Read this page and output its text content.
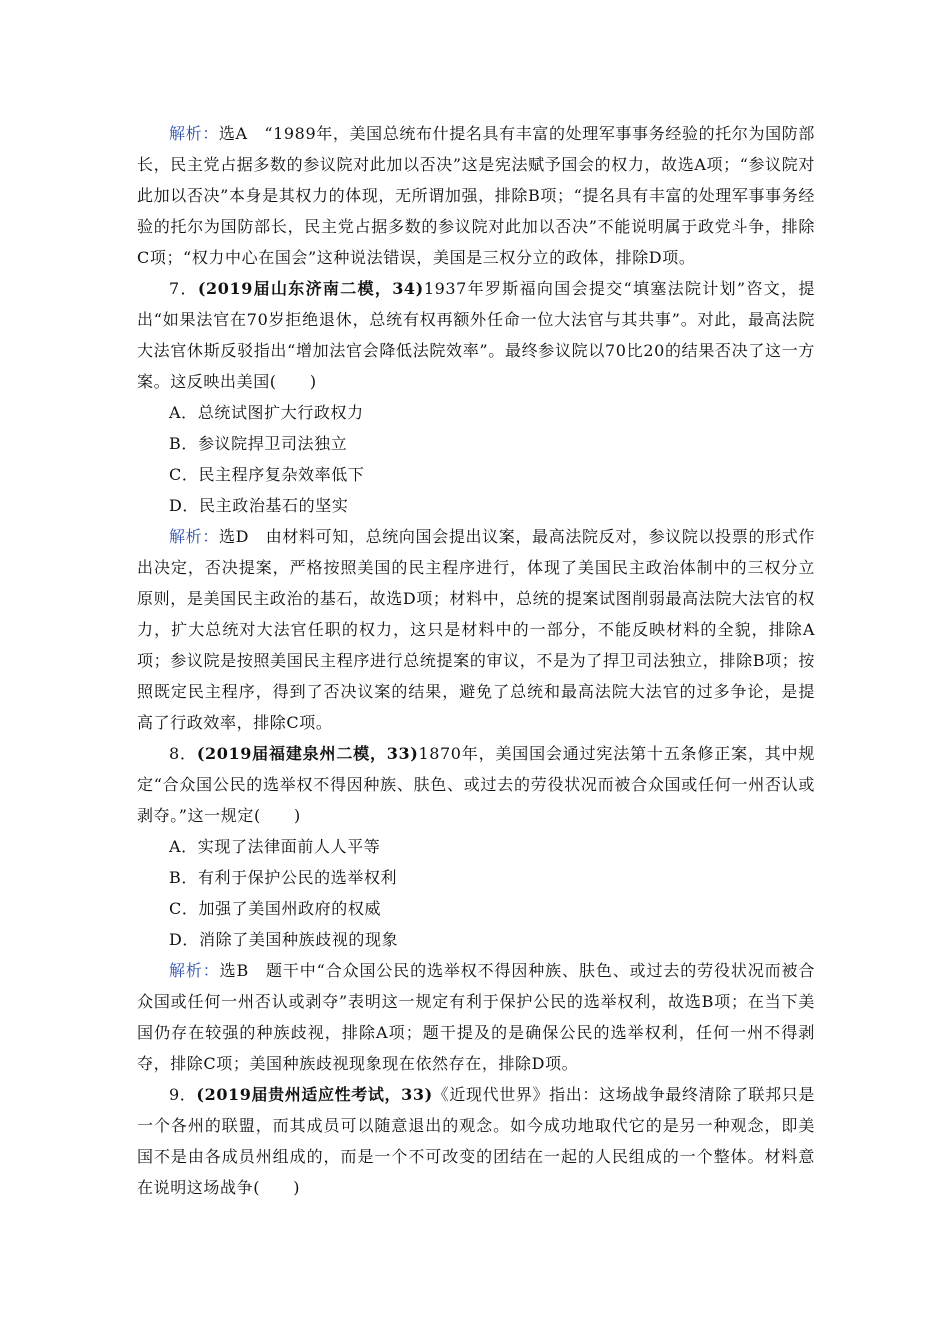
解析：选A　“1989年，美国总统布什提名具有丰富的处理军事事务经验的托尔为国防部长，民主党占据多数的参议院对此加以否决”这是宪法赋予国会的权力，故选A项；“参议院对此加以否决”本身是其权力的体现，无所谓加强，排除B项；“提名具有丰富的处理军事事务经验的托尔为国防部长，民主党占据多数的参议院对此加以否决”不能说明属于政党斗争，排除C项；“权力中心在国会”这种说法错误，美国是三权分立的政体，排除D项。

7．(2019届山东济南二模，34)1937年罗斯福向国会提交“填塞法院计划”咨文，提出“如果法官在70岁拒绝退休，总统有权再额外任命一位大法官与其共事”。对此，最高法院大法官休斯反驳指出“增加法官会降低法院效率”。最终参议院以70比20的结果否决了这一方案。这反映出美国(　　)

A．总统试图扩大行政权力

B．参议院捍卫司法独立

C．民主程序复杂效率低下

D．民主政治基石的坚实

解析：选D　由材料可知，总统向国会提出议案，最高法院反对，参议院以投票的形式作出决定，否决提案，严格按照美国的民主程序进行，体现了美国民主政治体制中的三权分立原则，是美国民主政治的基石，故选D项；材料中，总统的提案试图削弱最高法院大法官的权力，扩大总统对大法官任职的权力，这只是材料中的一部分，不能反映材料的全貌，排除A项；参议院是按照美国民主程序进行总统提案的审议，不是为了捍卫司法独立，排除B项；按照既定民主程序，得到了否决议案的结果，避免了总统和最高法院大法官的过多争论，是提高了行政效率，排除C项。

8．(2019届福建泉州二模，33)1870年，美国国会通过宪法第十五条修正案，其中规定“合众国公民的选举权不得因种族、肤色、或过去的劳役状况而被合众国或任何一州否认或剥夺。”这一规定(　　)

A．实现了法律面前人人平等

B．有利于保护公民的选举权利

C．加强了美国州政府的权威

D．消除了美国种族歧视的现象

解析：选B　题干中“合众国公民的选举权不得因种族、肤色、或过去的劳役状况而被合众国或任何一州否认或剥夺”表明这一规定有利于保护公民的选举权利，故选B项；在当下美国仍存在较强的种族歧视，排除A项；题干提及的是确保公民的选举权利，任何一州不得剥夺，排除C项；美国种族歧视现象现在依然存在，排除D项。

9．(2019届贵州适应性考试，33)《近现代世界》指出：这场战争最终清除了联邦只是一个各州的联盟，而其成员可以随意退出的观念。如今成功地取代它的是另一种观念，即美国不是由各成员州组成的，而是一个不可改变的团结在一起的人民组成的一个整体。材料意在说明这场战争(　　)
